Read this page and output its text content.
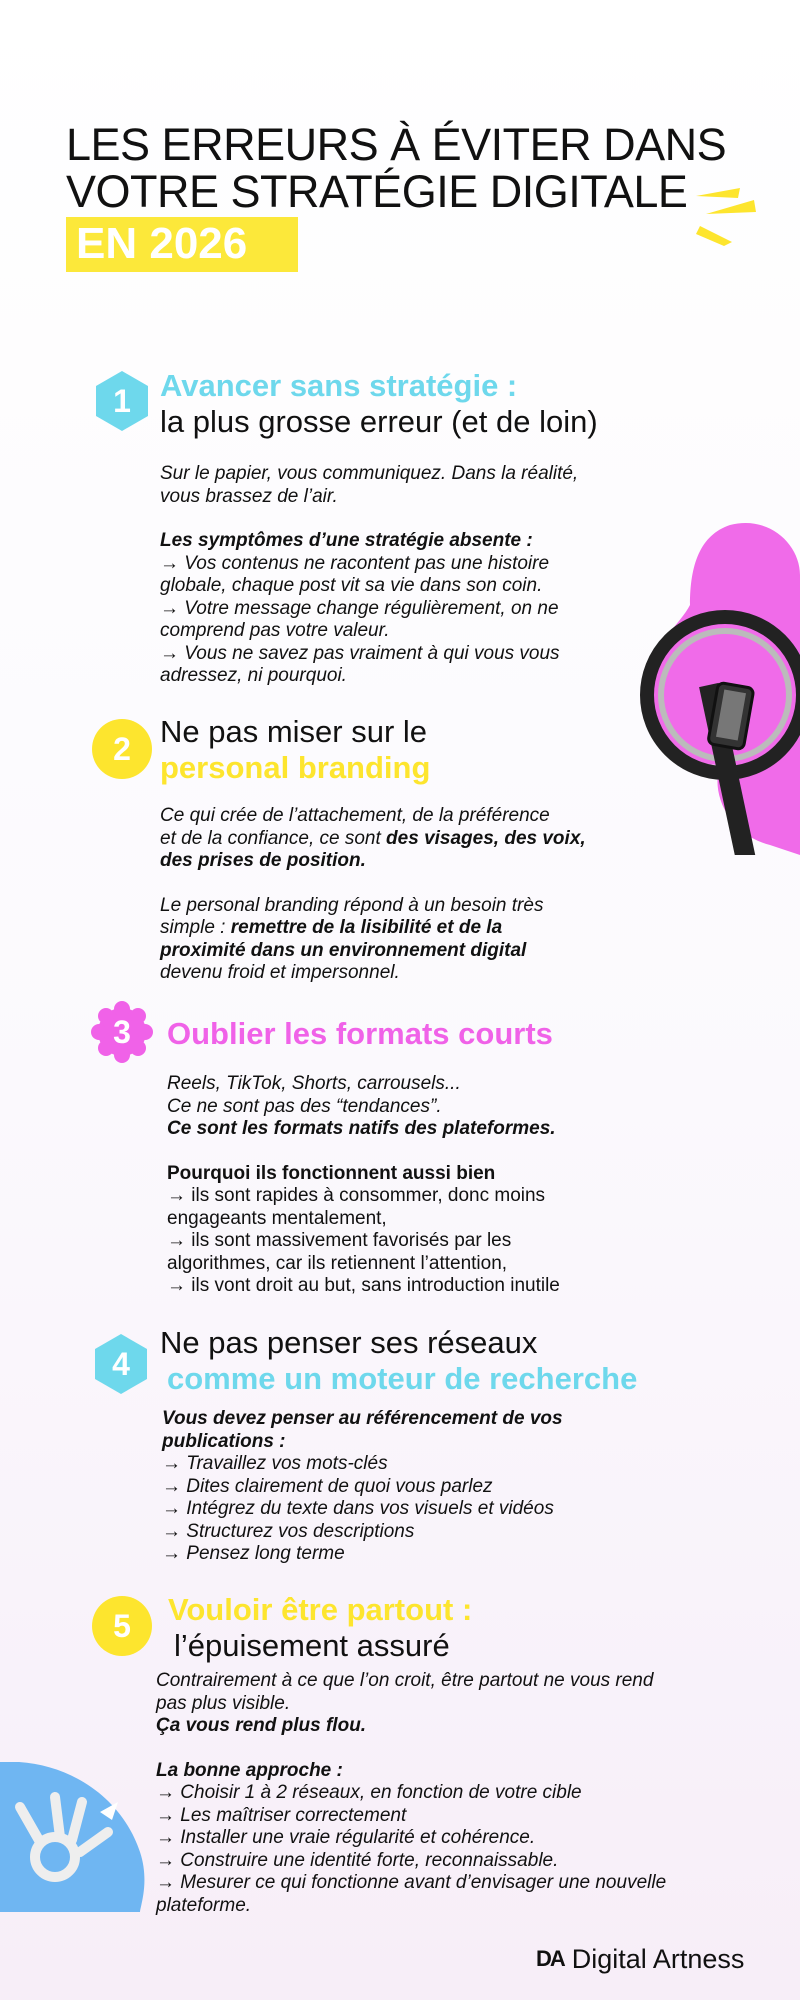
LES ERREURS À ÉVITER DANS
VOTRE STRATÉGIE DIGITALE
EN 2026
1 Avancer sans stratégie :
la plus grosse erreur (et de loin)

Sur le papier, vous communiquez. Dans la réalité,

vous brassez de l’air.

Les symptômes d’une stratégie absente :

→ Vos contenus ne racontent pas une histoire

globale, chaque post vit sa vie dans son coin.

→ Votre message change régulièrement, on ne

comprend pas votre valeur.

→ Vous ne savez pas vraiment à qui vous vous

adressez, ni pourquoi.

2 Ne pas miser sur le
personal branding

Ce qui crée de l’attachement, de la préférence

et de la confiance, ce sont des visages, des voix,

des prises de position.

Le personal branding répond à un besoin très

simple : remettre de la lisibilité et de la

proximité dans un environnement digital

devenu froid et impersonnel.

3	Oublier les formats courts

Reels, TikTok, Shorts, carrousels...

Ce ne sont pas des “tendances”.

Ce sont les formats natifs des plateformes.

Pourquoi ils fonctionnent aussi bien

→ ils sont rapides à consommer, donc moins

engageants mentalement,

→ ils sont massivement favorisés par les

algorithmes, car ils retiennent l’attention,

→ ils vont droit au but, sans introduction inutile

4
Ne pas penser ses réseaux
comme un moteur de recherche

Vous devez penser au référencement de vos

publications :

→ Travaillez vos mots-clés

→ Dites clairement de quoi vous parlez

→ Intégrez du texte dans vos visuels et vidéos

→ Structurez vos descriptions

→ Pensez long terme

5	Vouloir être partout :
l’épuisement assuré

Contrairement à ce que l’on croit, être partout ne vous rend

pas plus visible.

Ça vous rend plus flou.

La bonne approche :

→ Choisir 1 à 2 réseaux, en fonction de votre cible

→ Les maîtriser correctement

→ Installer une vraie régularité et cohérence.

→ Construire une identité forte, reconnaissable.

→ Mesurer ce qui fonctionne avant d’envisager une nouvelle

plateforme.

DA Digital Artness
